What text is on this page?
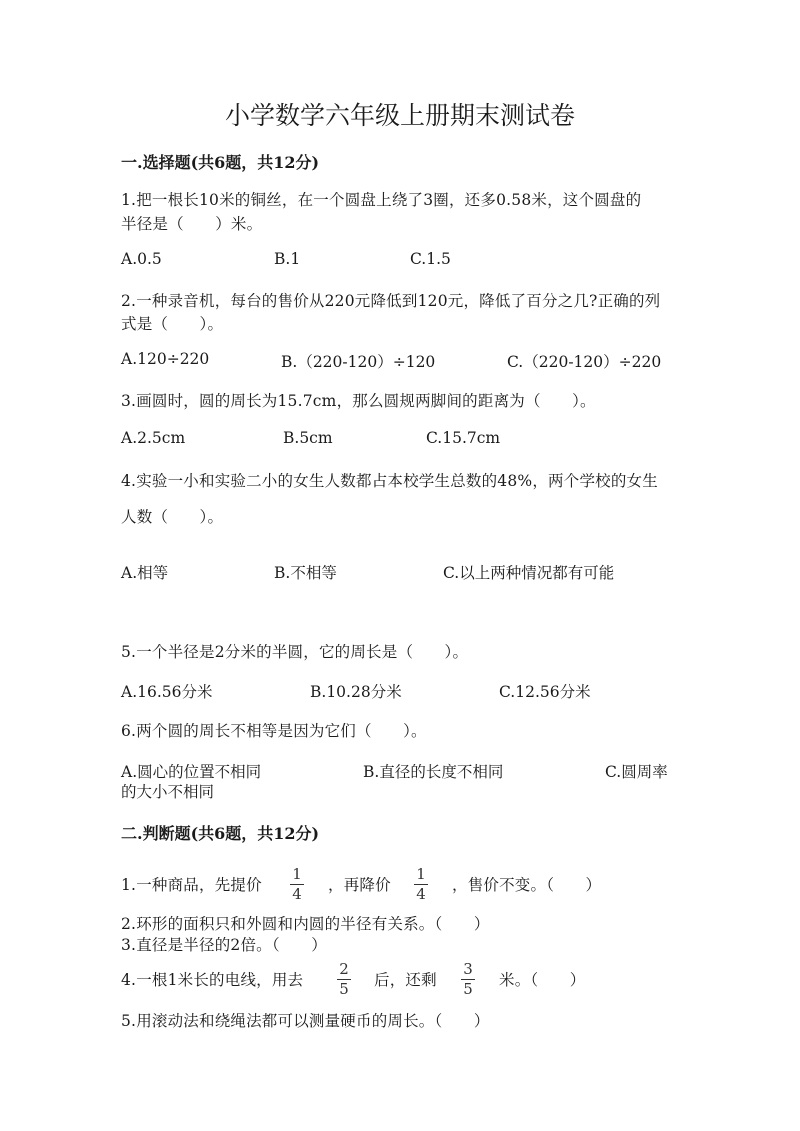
小学数学六年级上册期末测试卷
一.选择题(共6题，共12分)
1.把一根长10米的铜丝，在一个圆盘上绕了3圈，还多0.58米，这个圆盘的
半径是（　　）米。
A.0.5	B.1	C.1.5
2.一种录音机，每台的售价从220元降低到120元，降低了百分之几?正确的列
式是（　　）。
A.120÷220	B.（220-120）÷120	C.（220-120）÷220
3.画圆时，圆的周长为15.7cm，那么圆规两脚间的距离为（　　）。
A.2.5cm	B.5cm	C.15.7cm
4.实验一小和实验二小的女生人数都占本校学生总数的48%，两个学校的女生
人数（　　）。
A.相等	B.不相等	C.以上两种情况都有可能
5.一个半径是2分米的半圆，它的周长是（　　）。
A.16.56分米	B.10.28分米	C.12.56分米
6.两个圆的周长不相等是因为它们（　　）。
A.圆心的位置不相同	B.直径的长度不相同	C.圆周率
的大小不相同
二.判断题(共6题，共12分)
1.一种商品，先提价
1
4 ，再降价
1
4 ，售价不变。（　　）
2.环形的面积只和外圆和内圆的半径有关系。（　　）
3.直径是半径的2倍。（　　）
4.一根1米长的电线，用去
2
5 后，还剩
3
5 米。（　　）
5.用滚动法和绕绳法都可以测量硬币的周长。（　　）
